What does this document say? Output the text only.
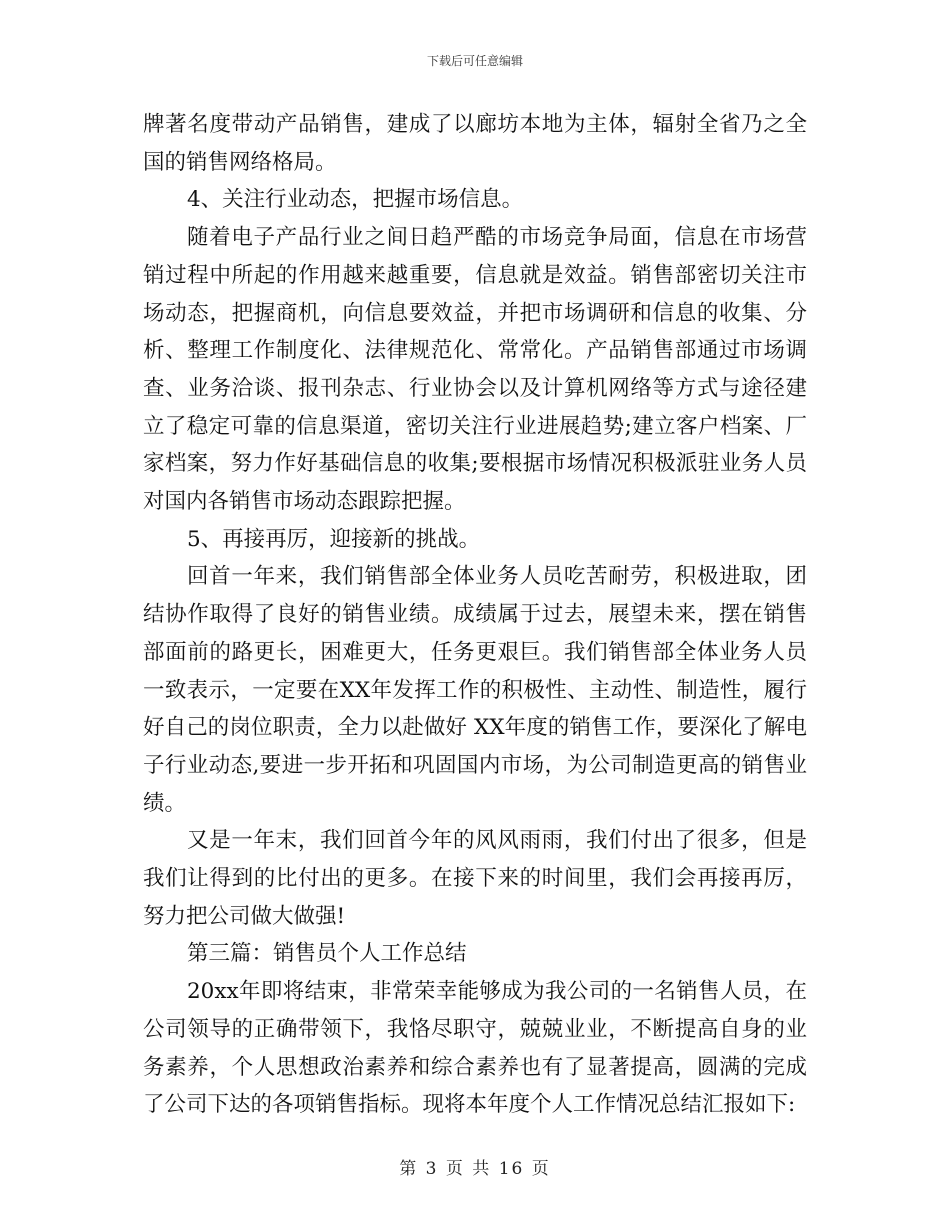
下载后可任意编辑

牌著名度带动产品销售，建成了以廊坊本地为主体，辐射全省乃之全国的销售网络格局。

4、关注行业动态，把握市场信息。

随着电子产品行业之间日趋严酷的市场竞争局面，信息在市场营销过程中所起的作用越来越重要，信息就是效益。销售部密切关注市场动态，把握商机，向信息要效益，并把市场调研和信息的收集、分析、整理工作制度化、法律规范化、常常化。产品销售部通过市场调查、业务洽谈、报刊杂志、行业协会以及计算机网络等方式与途径建立了稳定可靠的信息渠道，密切关注行业进展趋势;建立客户档案、厂家档案，努力作好基础信息的收集;要根据市场情况积极派驻业务人员对国内各销售市场动态跟踪把握。

5、再接再厉，迎接新的挑战。

回首一年来，我们销售部全体业务人员吃苦耐劳，积极进取，团结协作取得了良好的销售业绩。成绩属于过去，展望未来，摆在销售部面前的路更长，困难更大，任务更艰巨。我们销售部全体业务人员一致表示，一定要在XX年发挥工作的积极性、主动性、制造性，履行好自己的岗位职责，全力以赴做好 XX年度的销售工作，要深化了解电子行业动态,要进一步开拓和巩固国内市场，为公司制造更高的销售业绩。

又是一年末，我们回首今年的风风雨雨，我们付出了很多，但是我们让得到的比付出的更多。在接下来的时间里，我们会再接再厉，努力把公司做大做强!

第三篇：销售员个人工作总结

20xx年即将结束，非常荣幸能够成为我公司的一名销售人员，在公司领导的正确带领下，我恪尽职守，兢兢业业，不断提高自身的业务素养，个人思想政治素养和综合素养也有了显著提高，圆满的完成了公司下达的各项销售指标。现将本年度个人工作情况总结汇报如下:

第 3 页 共 16 页
